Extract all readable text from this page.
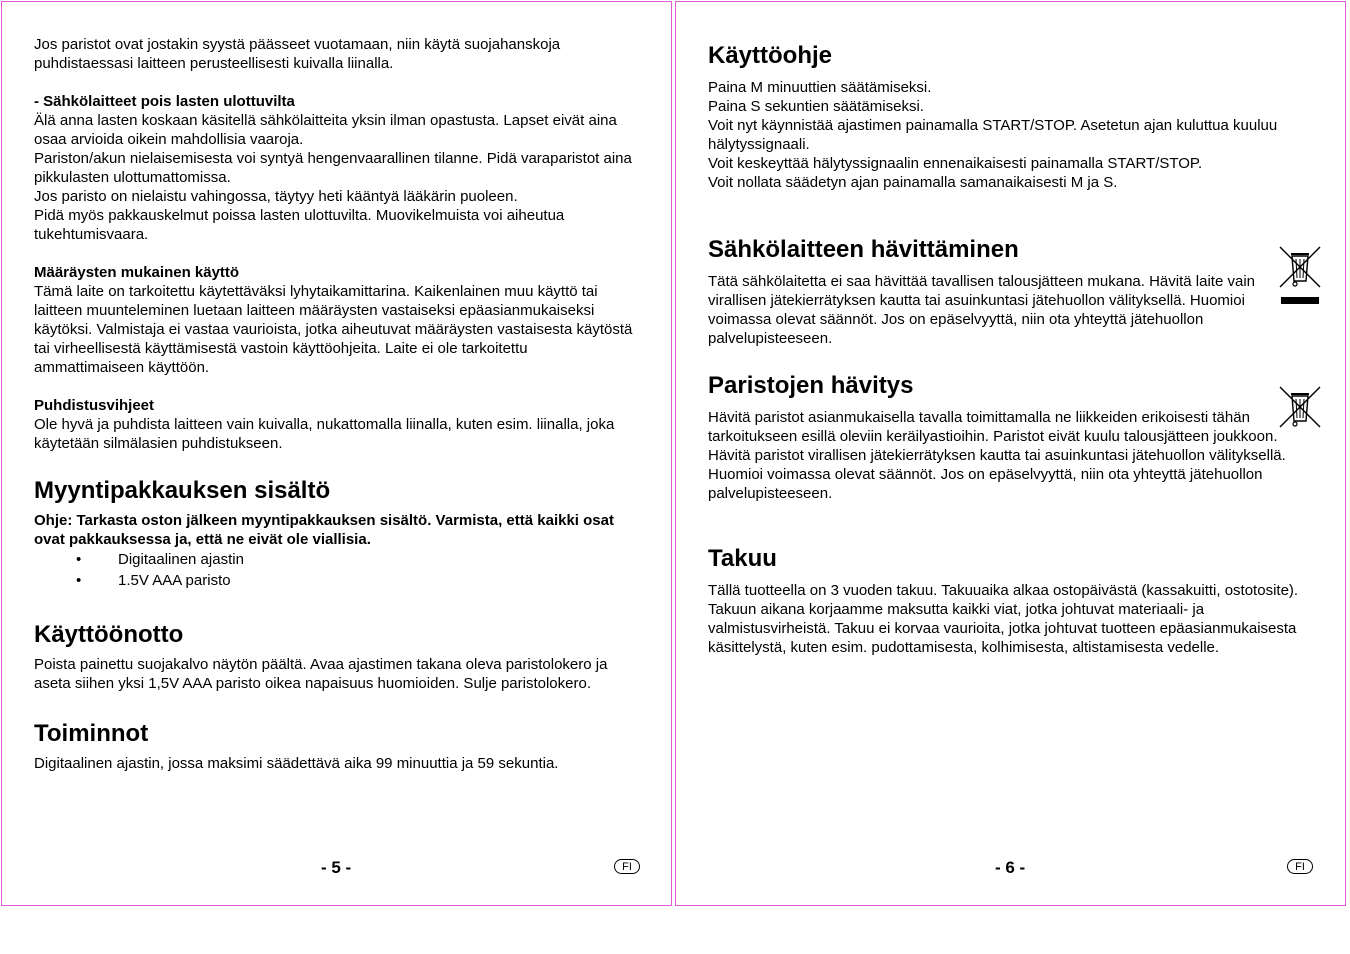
Jos paristot ovat jostakin syystä päässeet vuotamaan, niin käytä suojahanskoja puhdistaessasi laitteen perusteellisesti kuivalla liinalla.

- Sähkölaitteet pois lasten ulottuvilta

Älä anna lasten koskaan käsitellä sähkölaitteita yksin ilman opastusta. Lapset eivät aina osaa arvioida oikein mahdollisia vaaroja.

Pariston/akun nielaisemisesta voi syntyä hengenvaarallinen tilanne. Pidä varaparistot aina pikkulasten ulottumattomissa.

Jos paristo on nielaistu vahingossa, täytyy heti kääntyä lääkärin puoleen.

Pidä myös pakkauskelmut poissa lasten ulottuvilta. Muovikelmuista voi aiheutua tukehtumisvaara.

Määräysten mukainen käyttö

Tämä laite on tarkoitettu käytettäväksi lyhytaikamittarina. Kaikenlainen muu käyttö tai laitteen muunteleminen luetaan laitteen määräysten vastaiseksi epäasianmukaiseksi käytöksi. Valmistaja ei vastaa vaurioista, jotka aiheutuvat määräysten vastaisesta käytöstä tai virheellisestä käyttämisestä vastoin käyttöohjeita. Laite ei ole tarkoitettu ammattimaiseen käyttöön.

Puhdistusvihjeet

Ole hyvä ja puhdista laitteen vain kuivalla, nukattomalla liinalla, kuten esim. liinalla, joka käytetään silmälasien puhdistukseen.

Myyntipakkauksen sisältö

Ohje: Tarkasta oston jälkeen myyntipakkauksen sisältö. Varmista, että kaikki osat ovat pakkauksessa ja, että ne eivät ole viallisia.

• Digitaalinen ajastin
• 1.5V AAA paristo
Käyttöönotto

Poista painettu suojakalvo näytön päältä. Avaa ajastimen takana oleva paristolokero ja aseta siihen yksi 1,5V AAA paristo oikea napaisuus huomioiden. Sulje paristolokero.

Toiminnot

Digitaalinen ajastin, jossa maksimi säädettävä aika 99 minuuttia ja 59 sekuntia.

- 5 -	FI
Käyttöohje

Paina M minuuttien säätämiseksi.

Paina S sekuntien säätämiseksi.

Voit nyt käynnistää ajastimen painamalla START/STOP. Asetetun ajan kuluttua kuuluu hälytyssignaali.

Voit keskeyttää hälytyssignaalin ennenaikaisesti painamalla START/STOP.

Voit nollata säädetyn ajan painamalla samanaikaisesti M ja S.

Sähkölaitteen hävittäminen

Tätä sähkölaitetta ei saa hävittää tavallisen talousjätteen mukana. Hävitä laite vain virallisen jätekierrätyksen kautta tai asuinkuntasi jätehuollon välityksellä. Huomioi voimassa olevat säännöt. Jos on epäselvyyttä, niin ota yhteyttä jätehuollon palvelupisteeseen.

Paristojen hävitys

Hävitä paristot asianmukaisella tavalla toimittamalla ne liikkeiden erikoisesti tähän tarkoitukseen esillä oleviin keräilyastioihin. Paristot eivät kuulu talousjätteen joukkoon. Hävitä paristot virallisen jätekierrätyksen kautta tai asuinkuntasi jätehuollon välityksellä. Huomioi voimassa olevat säännöt. Jos on epäselvyyttä, niin ota yhteyttä jätehuollon palvelupisteeseen.

Takuu

Tällä tuotteella on 3 vuoden takuu. Takuuaika alkaa ostopäivästä (kassakuitti, ostotosite). Takuun aikana korjaamme maksutta kaikki viat, jotka johtuvat materiaali- ja valmistusvirheistä. Takuu ei korvaa vaurioita, jotka johtuvat tuotteen epäasianmukaisesta käsittelystä, kuten esim. pudottamisesta, kolhimisesta, altistamisesta vedelle.

- 6 -	FI
